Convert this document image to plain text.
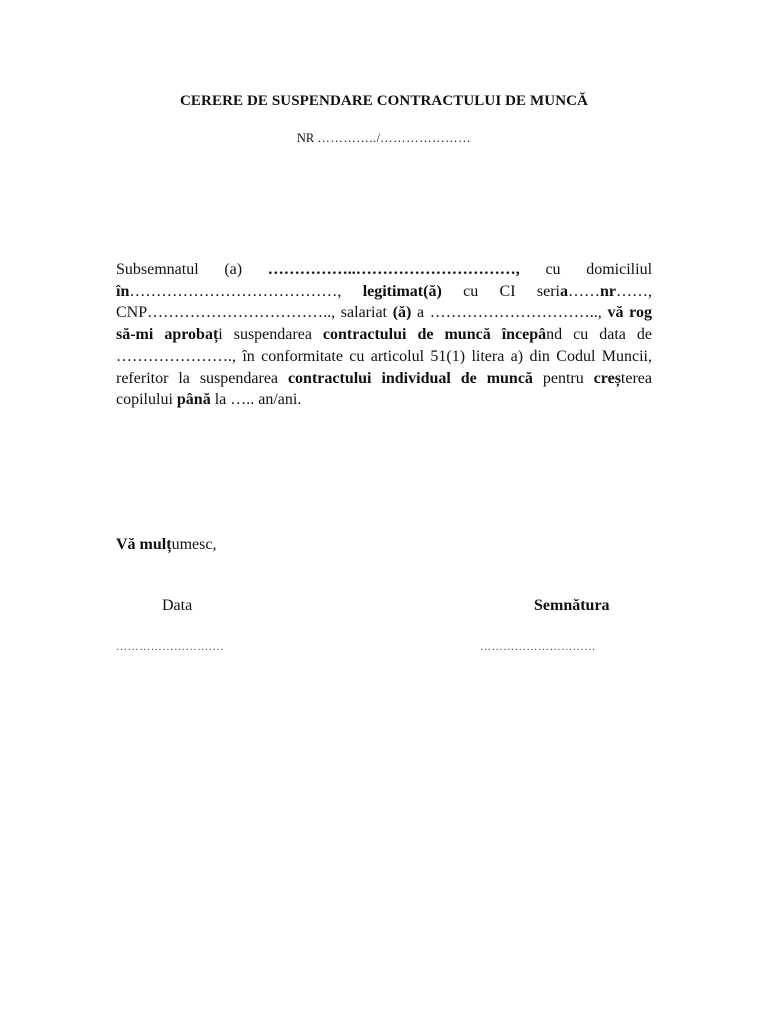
CERERE DE SUSPENDARE CONTRACTULUI DE MUNCĂ
NR …………../…………………
Subsemnatul (a) ……………..…………………………, cu domiciliul în…………………………………, legitimat(ă) cu CI seria……nr……, CNP…………………………….., salariat (ă) a ………………………….., vă rog să-mi aprobați suspendarea contractului de muncă începând cu data de …………………., în conformitate cu articolul 51(1) litera a) din Codul Muncii, referitor la suspendarea contractului individual de muncă pentru creșterea copilului până la ….. an/ani.
Vă mulțumesc,
Data	Semnătura
……………………….	…………………………
